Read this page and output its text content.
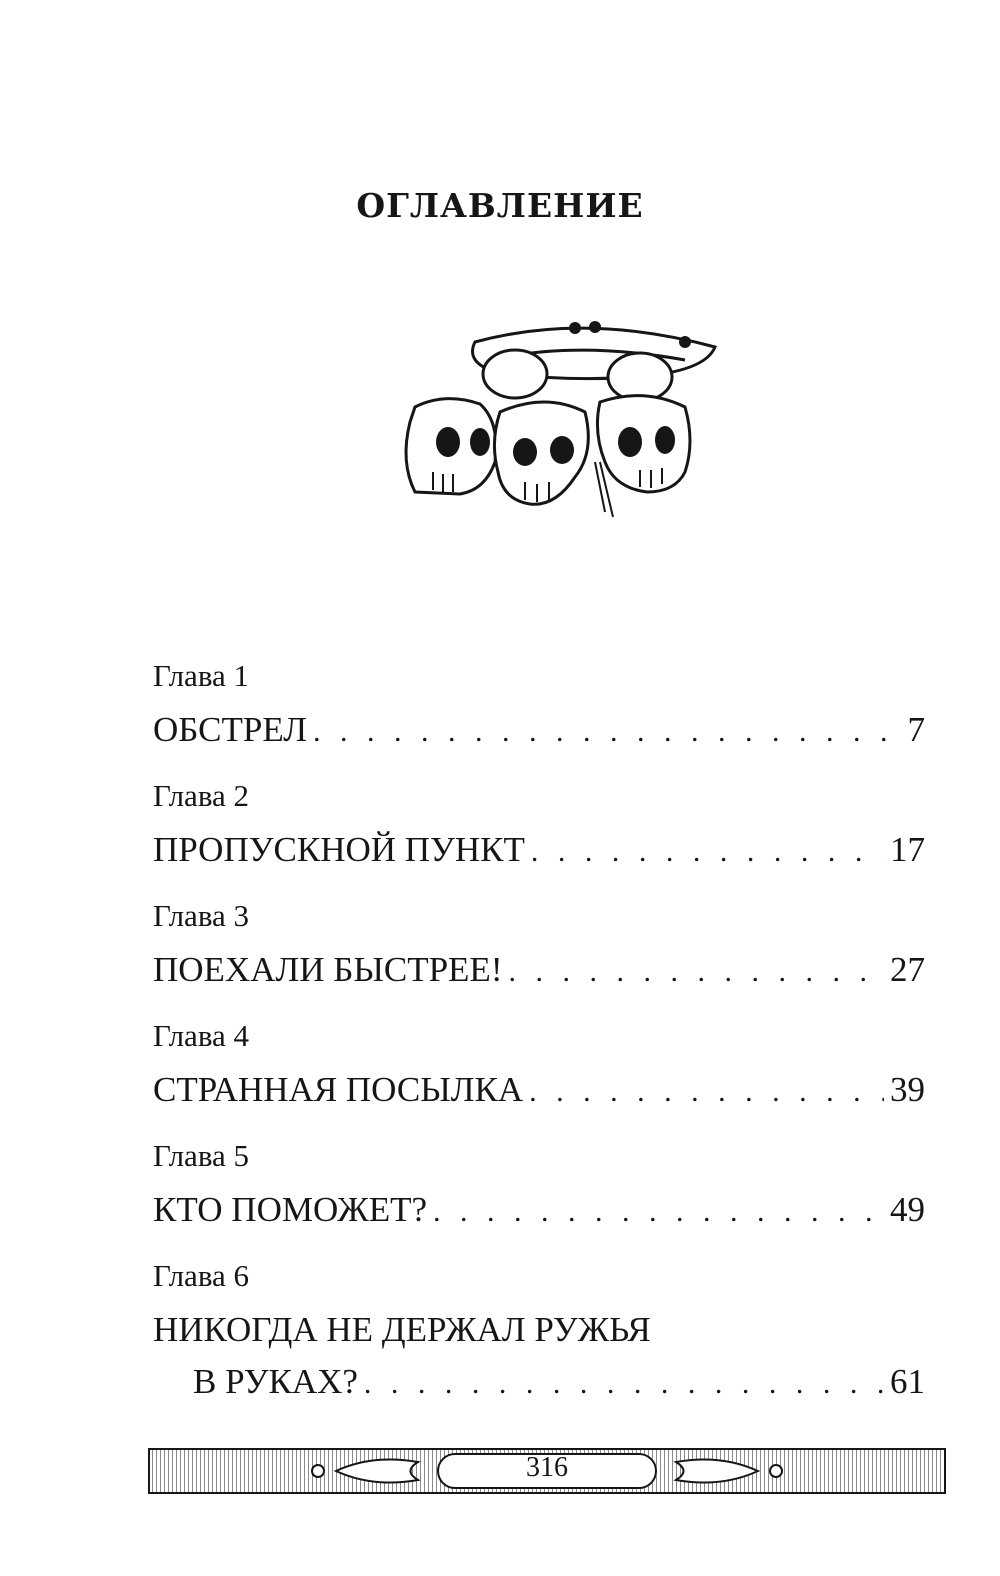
ОГЛАВЛЕНИЕ
Глава 1
ОБСТРЕЛ . . .	7
Глава 2
ПРОПУСКНОЙ ПУНКТ . . .	17
Глава 3
ПОЕХАЛИ БЫСТРЕЕ! . . .	27
Глава 4
СТРАННАЯ ПОСЫЛКА . . .	39
Глава 5
КТО ПОМОЖЕТ? . . .	49
Глава 6
НИКОГДА НЕ ДЕРЖАЛ РУЖЬЯ
В РУКАХ? . . .	61
316
